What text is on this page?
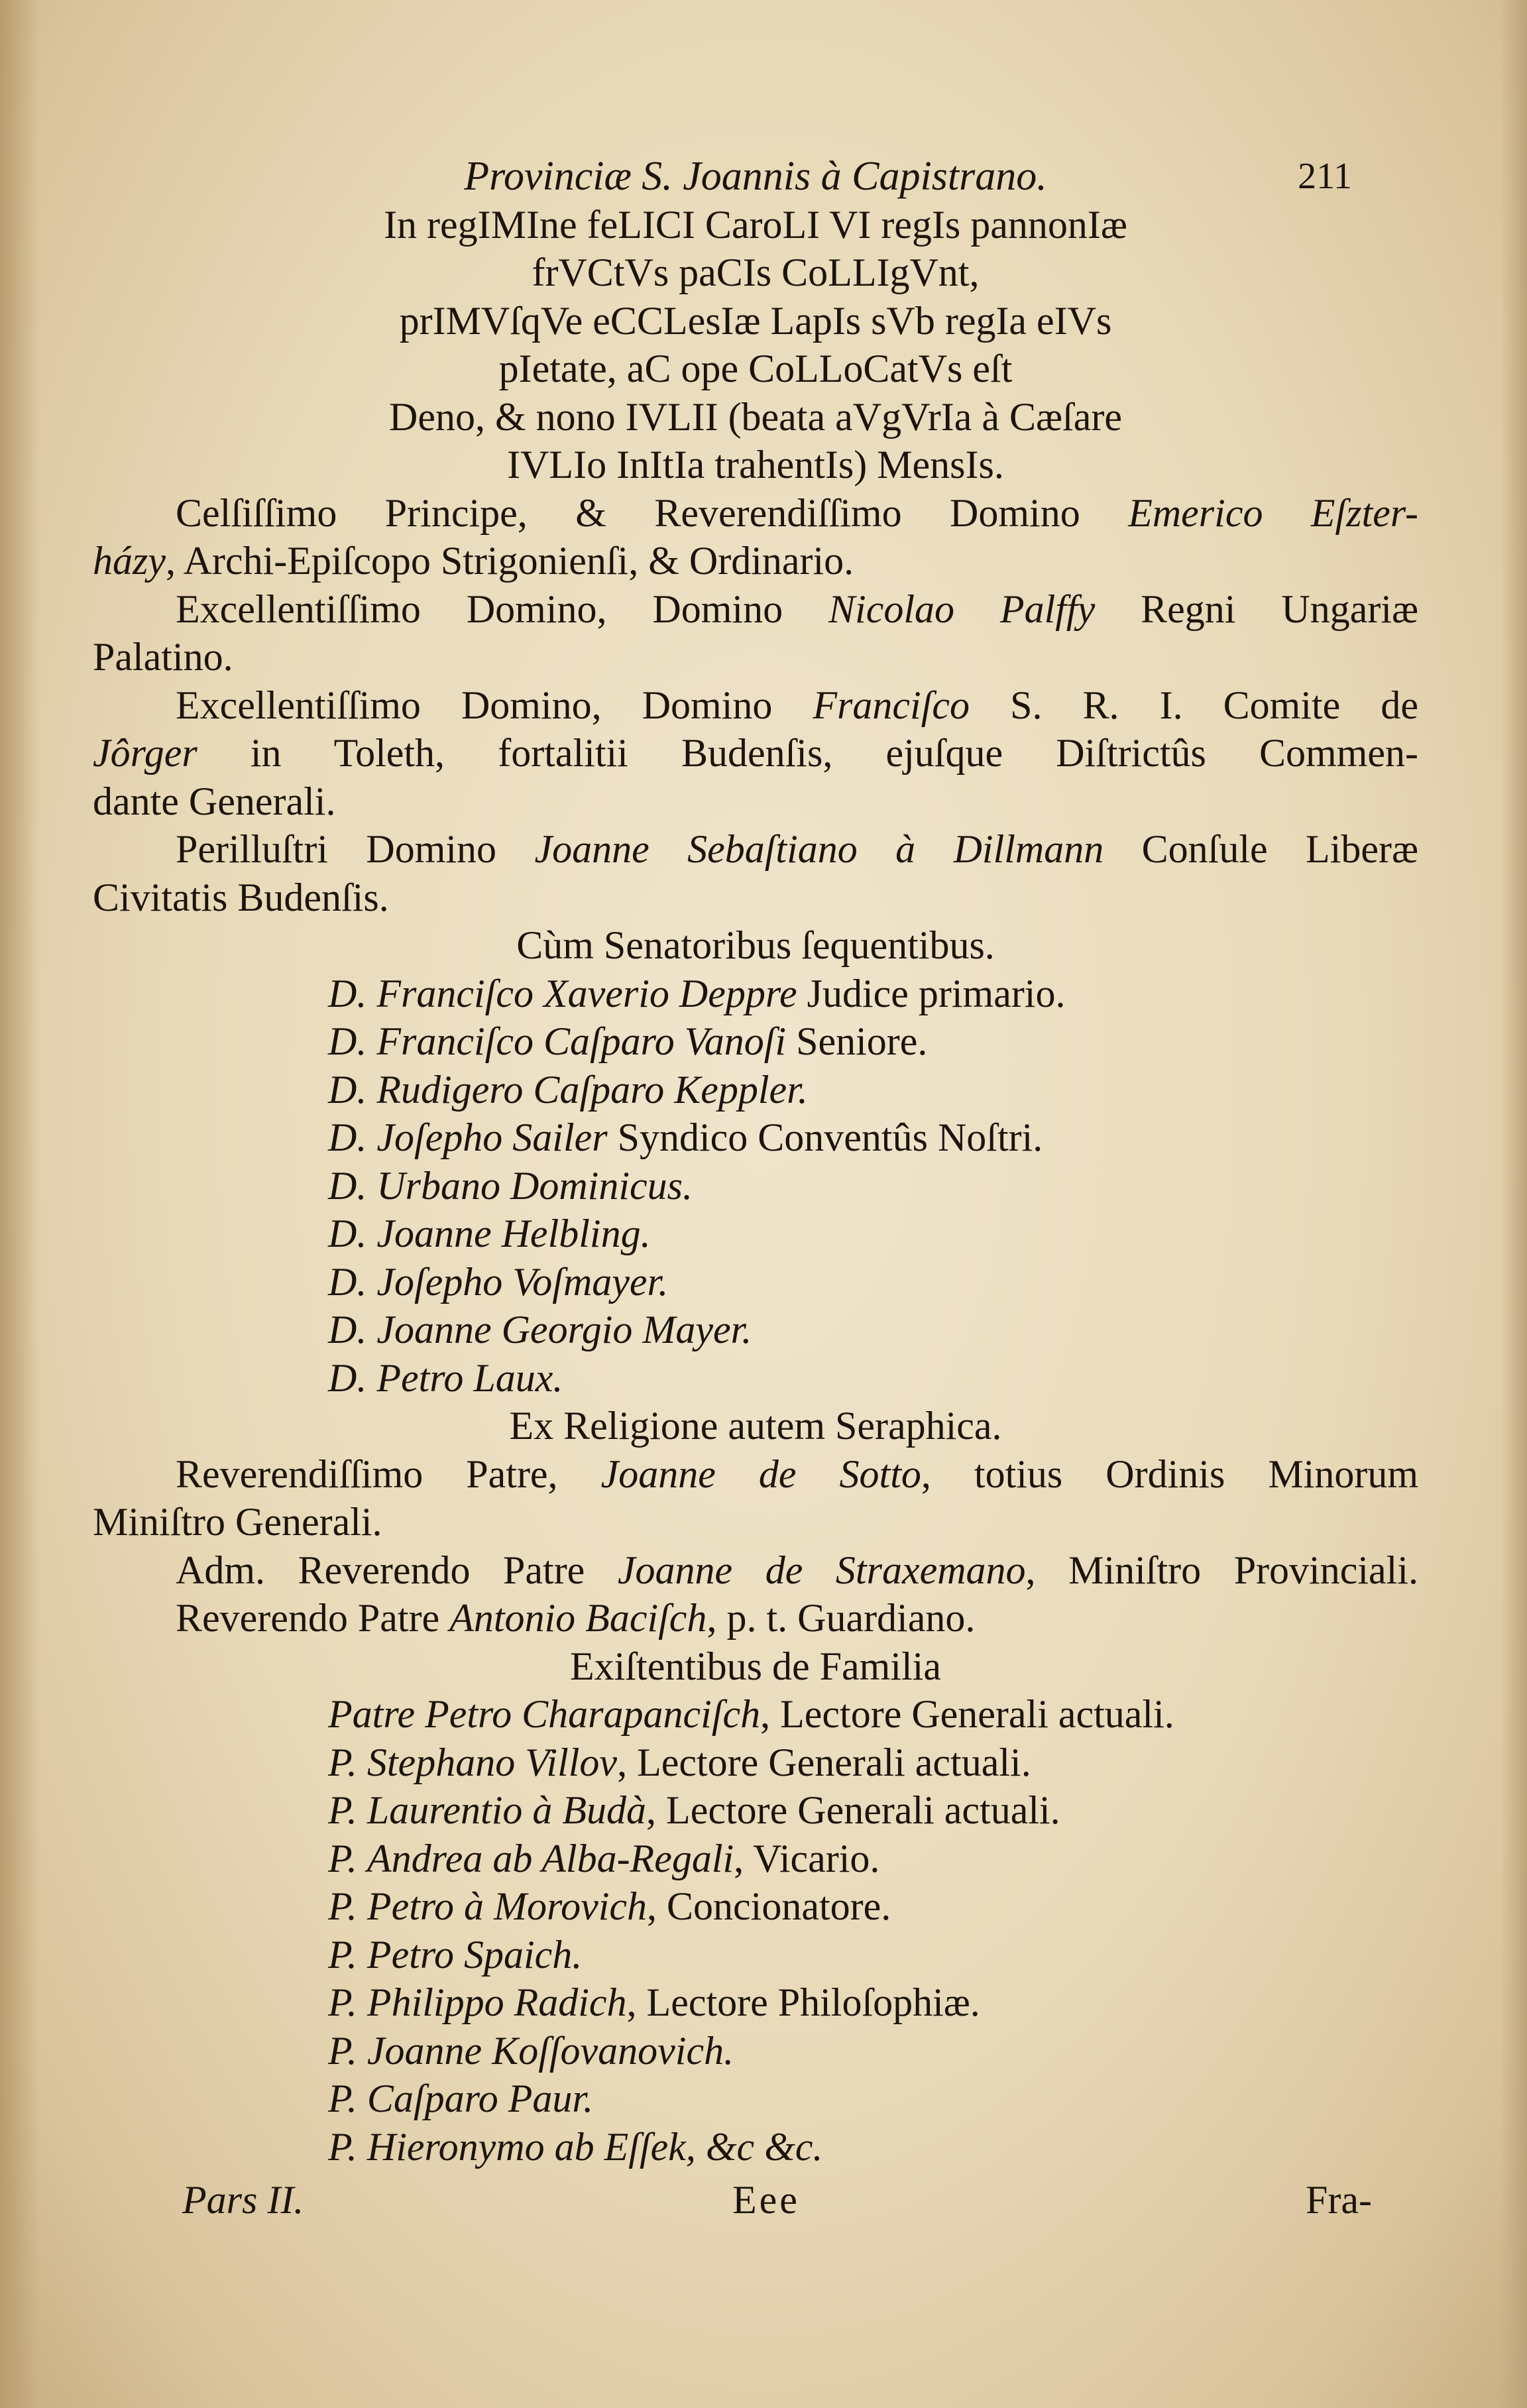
Provinciæ S. Joannis à Capistrano.	211
In regIMIne feLICI CaroLI VI regIs pannonIæ
frVCtVs paCIs CoLLIgVnt,
prIMVſqVe eCCLesIæ LapIs sVb regIa eIVs
pIetate, aC ope CoLLoCatVs eſt
Deno, & nono IVLII (beata aVgVrIa à Cæſare
IVLIo InItIa trahentIs) MensIs.
Celſiſſimo Principe, & Reverendiſſimo Domino Emerico Eſzter-
házy, Archi-Epiſcopo Strigonienſi, & Ordinario.
Excellentiſſimo Domino, Domino Nicolao Palffy Regni Ungariæ
Palatino.
Excellentiſſimo Domino, Domino Franciſco S. R. I. Comite de
Jôrger in Toleth, fortalitii Budenſis, ejuſque Diſtrictûs Commen-
dante Generali.
Perilluſtri Domino Joanne Sebaſtiano à Dillmann Conſule Liberæ
Civitatis Budenſis.
Cùm Senatoribus ſequentibus.
D. Franciſco Xaverio Deppre Judice primario.
D. Franciſco Caſparo Vanoſi Seniore.
D. Rudigero Caſparo Keppler.
D. Joſepho Sailer Syndico Conventûs Noſtri.
D. Urbano Dominicus.
D. Joanne Helbling.
D. Joſepho Voſmayer.
D. Joanne Georgio Mayer.
D. Petro Laux.
Ex Religione autem Seraphica.
Reverendiſſimo Patre, Joanne de Sotto, totius Ordinis Minorum
Miniſtro Generali.
Adm. Reverendo Patre Joanne de Straxemano, Miniſtro Provinciali.
Reverendo Patre Antonio Baciſch, p. t. Guardiano.
Exiſtentibus de Familia
Patre Petro Charapanciſch, Lectore Generali actuali.
P. Stephano Villov, Lectore Generali actuali.
P. Laurentio à Budà, Lectore Generali actuali.
P. Andrea ab Alba-Regali, Vicario.
P. Petro à Morovich, Concionatore.
P. Petro Spaich.
P. Philippo Radich, Lectore Philoſophiæ.
P. Joanne Koſſovanovich.
P. Caſparo Paur.
P. Hieronymo ab Eſſek, &c &c.
Pars II.	Eee	Fra-
